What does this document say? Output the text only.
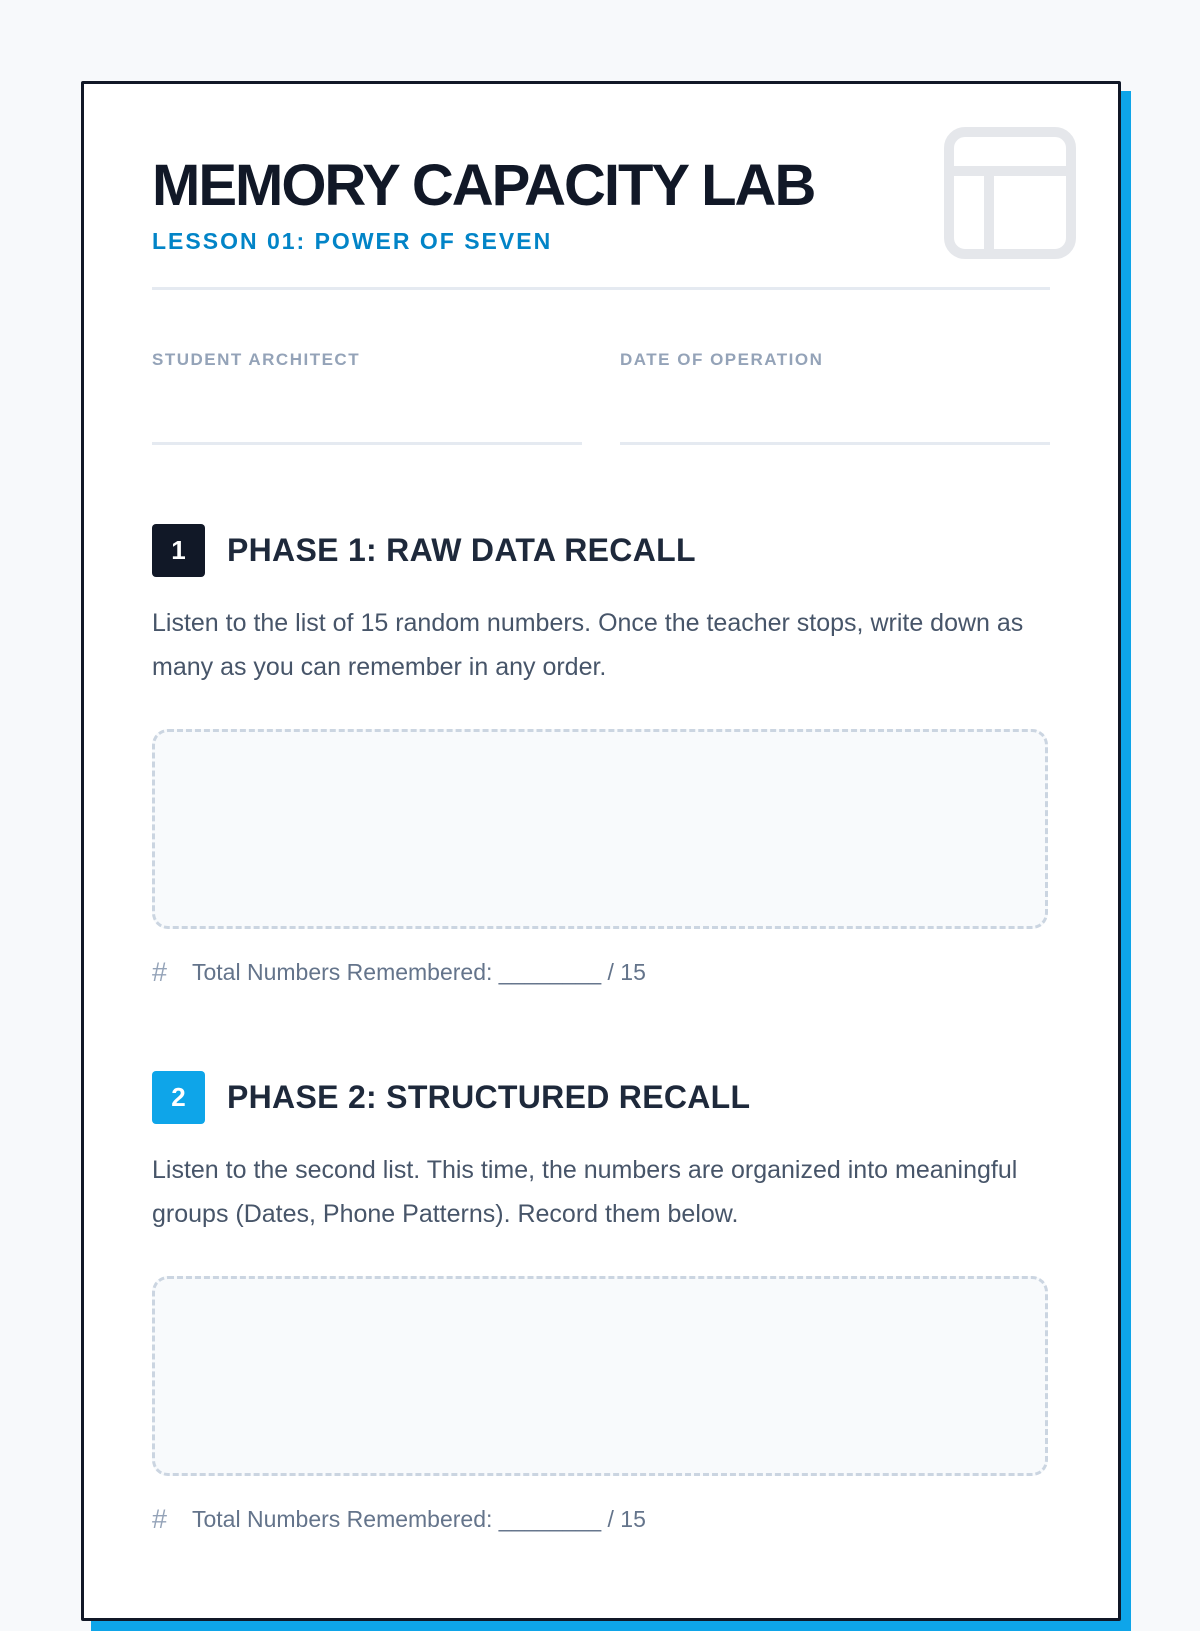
MEMORY CAPACITY LAB
LESSON 01: POWER OF SEVEN
STUDENT ARCHITECT	DATE OF OPERATION
1	PHASE 1: RAW DATA RECALL
Listen to the list of 15 random numbers. Once the teacher stops, write down as many as you can remember in any order.
#	Total Numbers Remembered: ________ / 15
2	PHASE 2: STRUCTURED RECALL
Listen to the second list. This time, the numbers are organized into meaningful groups (Dates, Phone Patterns). Record them below.
#	Total Numbers Remembered: ________ / 15
